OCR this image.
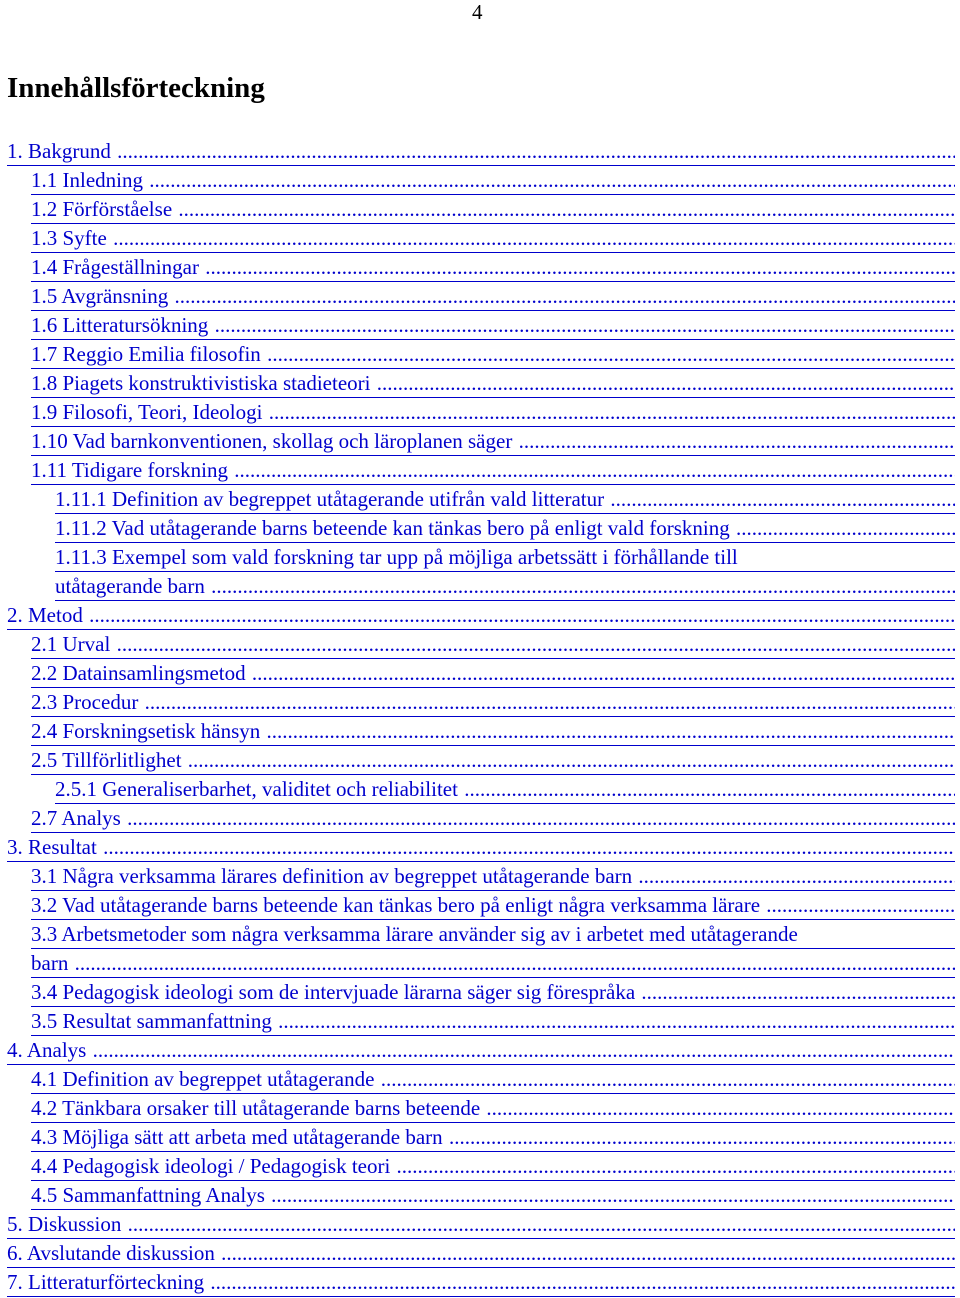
4
Innehållsförteckning
1. Bakgrund .....
1.1 Inledning .....
1.2 Förförståelse .....
1.3 Syfte .....
1.4 Frågeställningar .....
1.5 Avgränsning .....
1.6 Litteratursökning .....
1.7 Reggio Emilia filosofin .....
1.8 Piagets konstruktivistiska stadieteori .....
1.9 Filosofi, Teori, Ideologi .....
1.10 Vad barnkonventionen, skollag och läroplanen säger .....
1.11 Tidigare forskning .....
1.11.1 Definition av begreppet utåtagerande utifrån vald litteratur .....
1.11.2 Vad utåtagerande barns beteende kan tänkas bero på enligt vald forskning .....
1.11.3 Exempel som vald forskning tar upp på möjliga arbetssätt i förhållande till
utåtagerande barn .....
2. Metod .....
2.1 Urval .....
2.2 Datainsamlingsmetod .....
2.3 Procedur .....
2.4 Forskningsetisk hänsyn .....
2.5 Tillförlitlighet .....
2.5.1 Generaliserbarhet, validitet och reliabilitet .....
2.7 Analys .....
3. Resultat .....
3.1 Några verksamma lärares definition av begreppet utåtagerande barn .....
3.2 Vad utåtagerande barns beteende kan tänkas bero på enligt några verksamma lärare .....
3.3 Arbetsmetoder som några verksamma lärare använder sig av i arbetet med utåtagerande
barn .....
3.4 Pedagogisk ideologi som de intervjuade lärarna säger sig förespråka .....
3.5 Resultat sammanfattning .....
4. Analys .....
4.1 Definition av begreppet utåtagerande .....
4.2 Tänkbara orsaker till utåtagerande barns beteende .....
4.3 Möjliga sätt att arbeta med utåtagerande barn .....
4.4 Pedagogisk ideologi / Pedagogisk teori .....
4.5 Sammanfattning Analys .....
5. Diskussion .....
6. Avslutande diskussion .....
7. Litteraturförteckning .....
